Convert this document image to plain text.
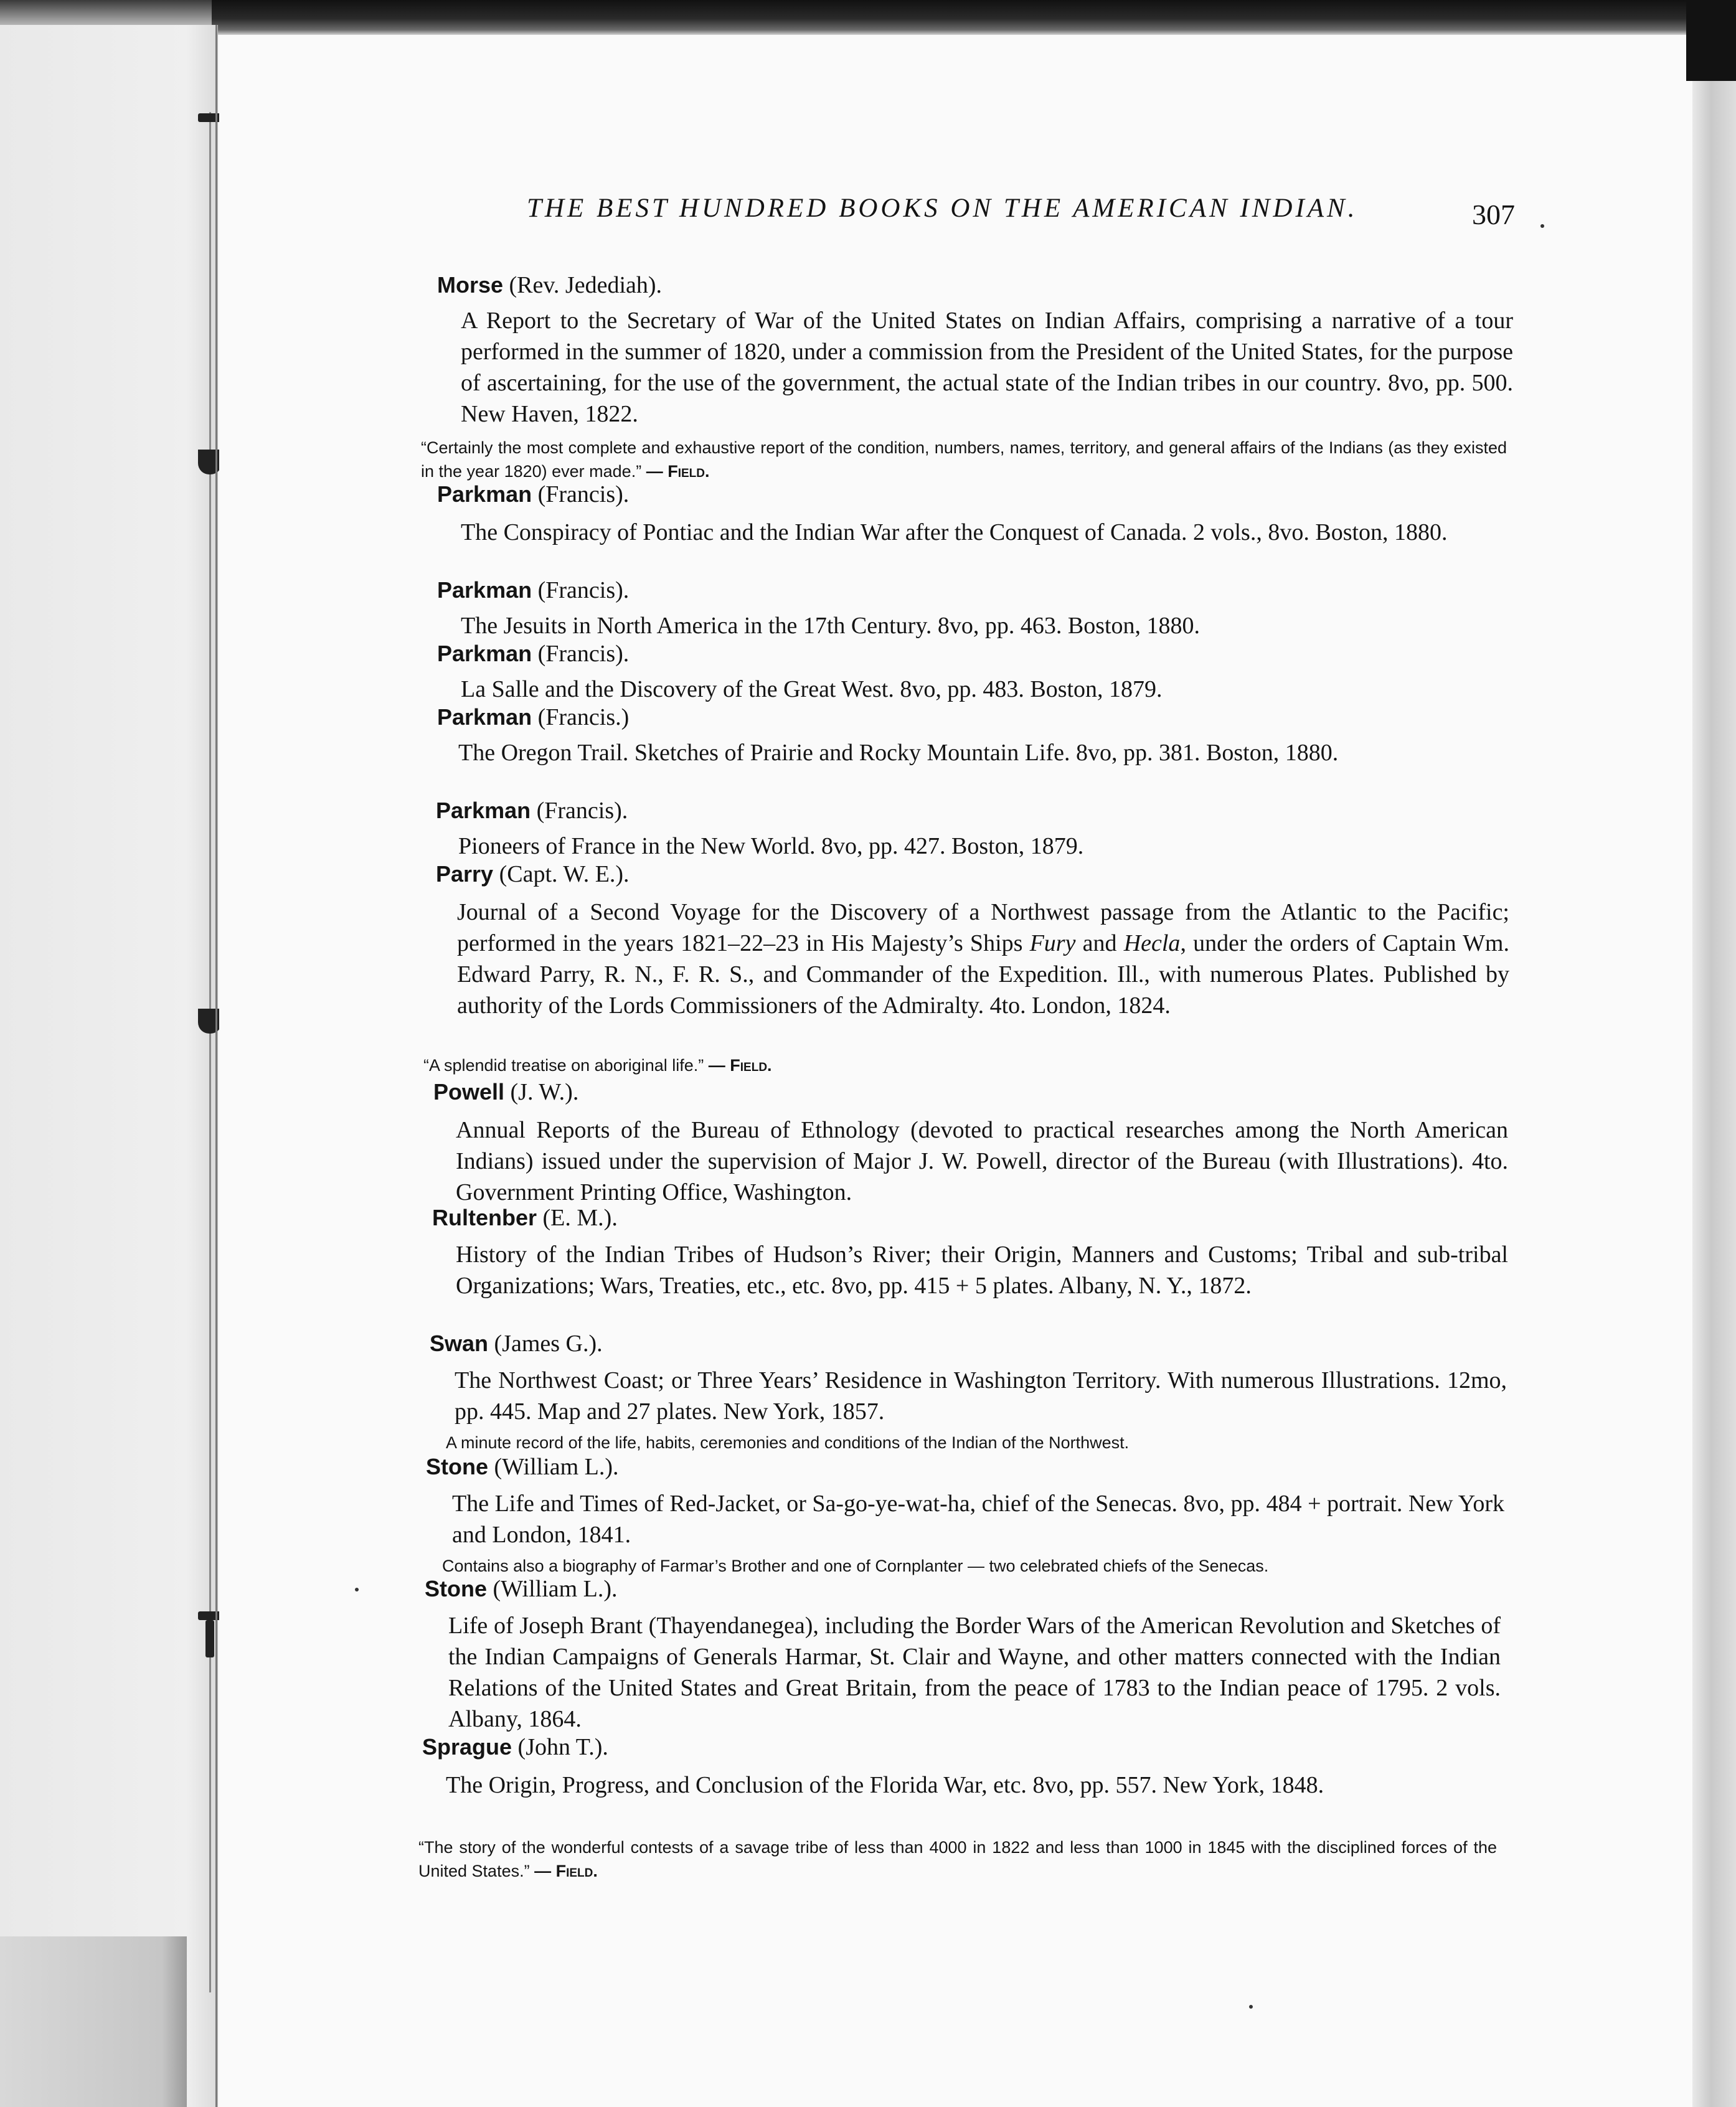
THE BEST HUNDRED BOOKS ON THE AMERICAN INDIAN.	307
Morse (Rev. Jedediah).
A Report to the Secretary of War of the United States on Indian Affairs, comprising a narrative of a tour performed in the summer of 1820, under a commission from the President of the United States, for the purpose of ascertaining, for the use of the government, the actual state of the Indian tribes in our country. 8vo, pp. 500. New Haven, 1822.
“Certainly the most complete and exhaustive report of the condition, numbers, names, territory, and general affairs of the Indians (as they existed in the year 1820) ever made.” — Field.
Parkman (Francis).
The Conspiracy of Pontiac and the Indian War after the Conquest of Canada. 2 vols., 8vo. Boston, 1880.
Parkman (Francis).
The Jesuits in North America in the 17th Century. 8vo, pp. 463. Boston, 1880.
Parkman (Francis).
La Salle and the Discovery of the Great West. 8vo, pp. 483. Boston, 1879.
Parkman (Francis.)
The Oregon Trail. Sketches of Prairie and Rocky Mountain Life. 8vo, pp. 381. Boston, 1880.
Parkman (Francis).
Pioneers of France in the New World. 8vo, pp. 427. Boston, 1879.
Parry (Capt. W. E.).
Journal of a Second Voyage for the Discovery of a Northwest passage from the Atlantic to the Pacific; performed in the years 1821–22–23 in His Majesty’s Ships Fury and Hecla, under the orders of Captain Wm. Edward Parry, R. N., F. R. S., and Commander of the Expedition. Ill., with numerous Plates. Published by authority of the Lords Commissioners of the Admiralty. 4to. London, 1824.
“A splendid treatise on aboriginal life.” — Field.
Powell (J. W.).
Annual Reports of the Bureau of Ethnology (devoted to practical researches among the North American Indians) issued under the supervision of Major J. W. Powell, director of the Bureau (with Illustrations). 4to. Government Printing Office, Washington.
Rultenber (E. M.).
History of the Indian Tribes of Hudson’s River; their Origin, Manners and Customs; Tribal and sub-tribal Organizations; Wars, Treaties, etc., etc. 8vo, pp. 415 + 5 plates. Albany, N. Y., 1872.
Swan (James G.).
The Northwest Coast; or Three Years’ Residence in Washington Territory. With numerous Illustrations. 12mo, pp. 445. Map and 27 plates. New York, 1857.
A minute record of the life, habits, ceremonies and conditions of the Indian of the Northwest.
Stone (William L.).
The Life and Times of Red-Jacket, or Sa-go-ye-wat-ha, chief of the Senecas. 8vo, pp. 484 + portrait. New York and London, 1841.
Contains also a biography of Farmar’s Brother and one of Cornplanter — two celebrated chiefs of the Senecas.
Stone (William L.).
Life of Joseph Brant (Thayendanegea), including the Border Wars of the American Revolution and Sketches of the Indian Campaigns of Generals Harmar, St. Clair and Wayne, and other matters connected with the Indian Relations of the United States and Great Britain, from the peace of 1783 to the Indian peace of 1795. 2 vols. Albany, 1864.
Sprague (John T.).
The Origin, Progress, and Conclusion of the Florida War, etc. 8vo, pp. 557. New York, 1848.
“The story of the wonderful contests of a savage tribe of less than 4000 in 1822 and less than 1000 in 1845 with the disciplined forces of the United States.” — Field.
